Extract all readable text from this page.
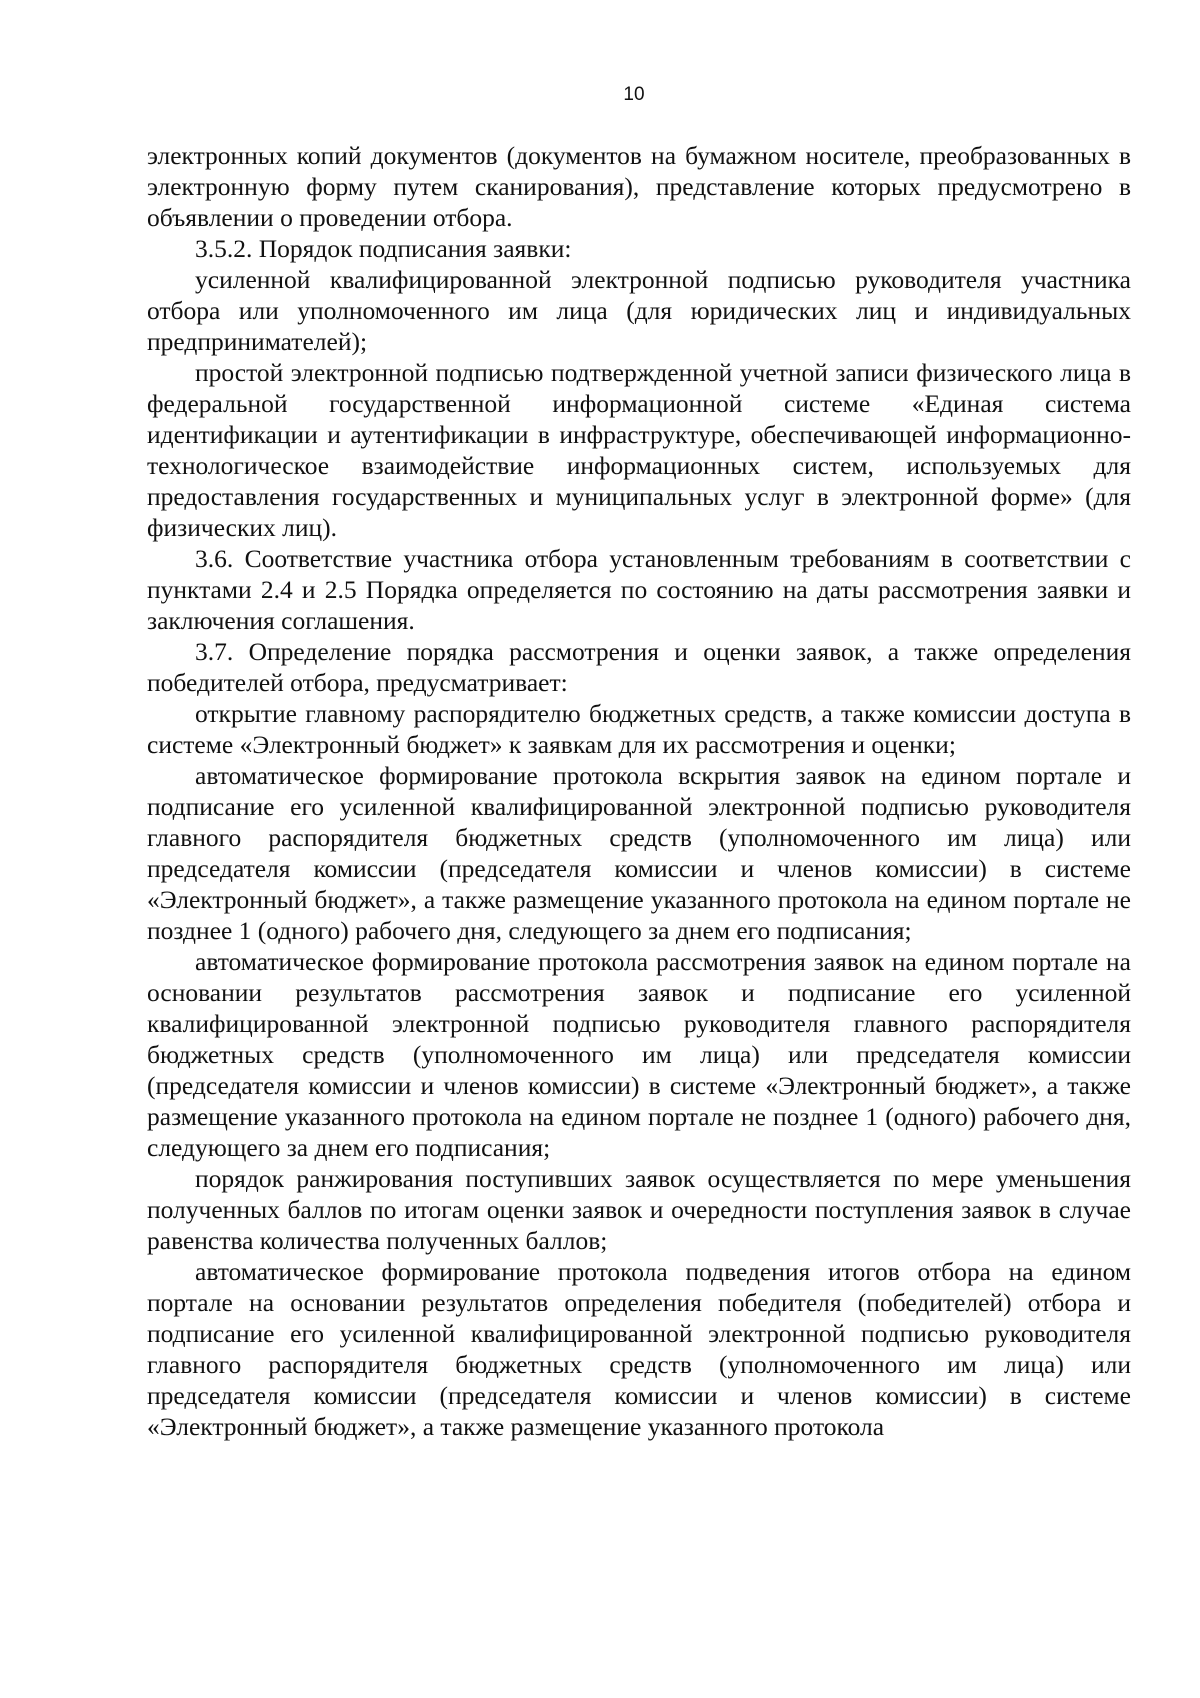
10

электронных копий документов (документов на бумажном носителе, преобразованных в электронную форму путем сканирования), представление которых предусмотрено в объявлении о проведении отбора.

3.5.2. Порядок подписания заявки:

усиленной квалифицированной электронной подписью руководителя участника отбора или уполномоченного им лица (для юридических лиц и индивидуальных предпринимателей);

простой электронной подписью подтвержденной учетной записи физического лица в федеральной государственной информационной системе «Единая система идентификации и аутентификации в инфраструктуре, обеспечивающей информационно-технологическое взаимодействие информационных систем, используемых для предоставления государственных и муниципальных услуг в электронной форме» (для физических лиц).

3.6. Соответствие участника отбора установленным требованиям в соответствии с пунктами 2.4 и 2.5 Порядка определяется по состоянию на даты рассмотрения заявки и заключения соглашения.

3.7. Определение порядка рассмотрения и оценки заявок, а также определения победителей отбора, предусматривает:

открытие главному распорядителю бюджетных средств, а также комиссии доступа в системе «Электронный бюджет» к заявкам для их рассмотрения и оценки;

автоматическое формирование протокола вскрытия заявок на едином портале и подписание его усиленной квалифицированной электронной подписью руководителя главного распорядителя бюджетных средств (уполномоченного им лица) или председателя комиссии (председателя комиссии и членов комиссии) в системе «Электронный бюджет», а также размещение указанного протокола на едином портале не позднее 1 (одного) рабочего дня, следующего за днем его подписания;

автоматическое формирование протокола рассмотрения заявок на едином портале на основании результатов рассмотрения заявок и подписание его усиленной квалифицированной электронной подписью руководителя главного распорядителя бюджетных средств (уполномоченного им лица) или председателя комиссии (председателя комиссии и членов комиссии) в системе «Электронный бюджет», а также размещение указанного протокола на едином портале не позднее 1 (одного) рабочего дня, следующего за днем его подписания;

порядок ранжирования поступивших заявок осуществляется по мере уменьшения полученных баллов по итогам оценки заявок и очередности поступления заявок в случае равенства количества полученных баллов;

автоматическое формирование протокола подведения итогов отбора на едином портале на основании результатов определения победителя (победителей) отбора и подписание его усиленной квалифицированной электронной подписью руководителя главного распорядителя бюджетных средств (уполномоченного им лица) или председателя комиссии (председателя комиссии и членов комиссии) в системе «Электронный бюджет», а также размещение указанного протокола
